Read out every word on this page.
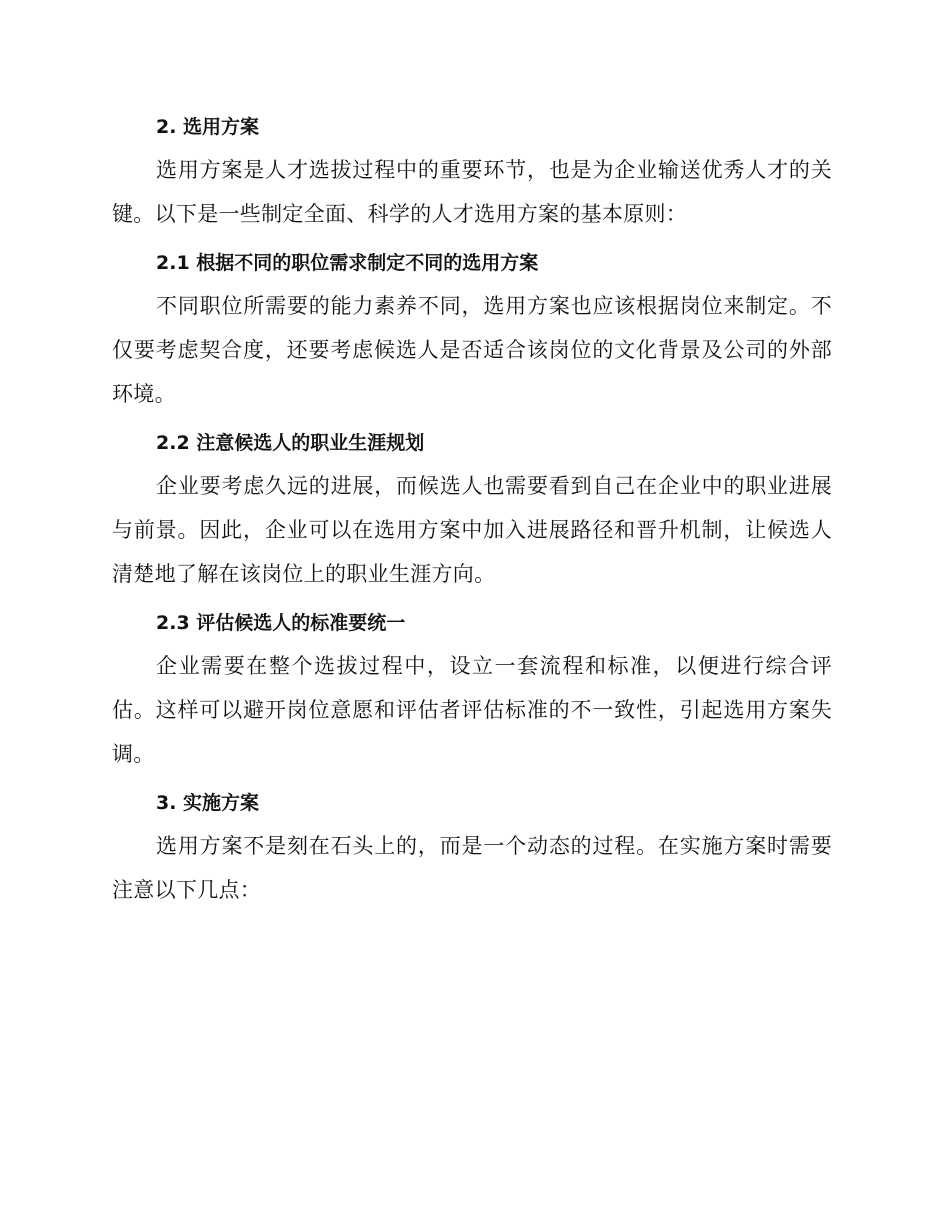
2. 选用方案

选用方案是人才选拔过程中的重要环节，也是为企业输送优秀人才的关键。以下是一些制定全面、科学的人才选用方案的基本原则：

2.1 根据不同的职位需求制定不同的选用方案

不同职位所需要的能力素养不同，选用方案也应该根据岗位来制定。不仅要考虑契合度，还要考虑候选人是否适合该岗位的文化背景及公司的外部环境。

2.2 注意候选人的职业生涯规划

企业要考虑久远的进展，而候选人也需要看到自己在企业中的职业进展与前景。因此，企业可以在选用方案中加入进展路径和晋升机制，让候选人清楚地了解在该岗位上的职业生涯方向。

2.3 评估候选人的标准要统一

企业需要在整个选拔过程中，设立一套流程和标准，以便进行综合评估。这样可以避开岗位意愿和评估者评估标准的不一致性，引起选用方案失调。

3. 实施方案

选用方案不是刻在石头上的，而是一个动态的过程。在实施方案时需要注意以下几点：
